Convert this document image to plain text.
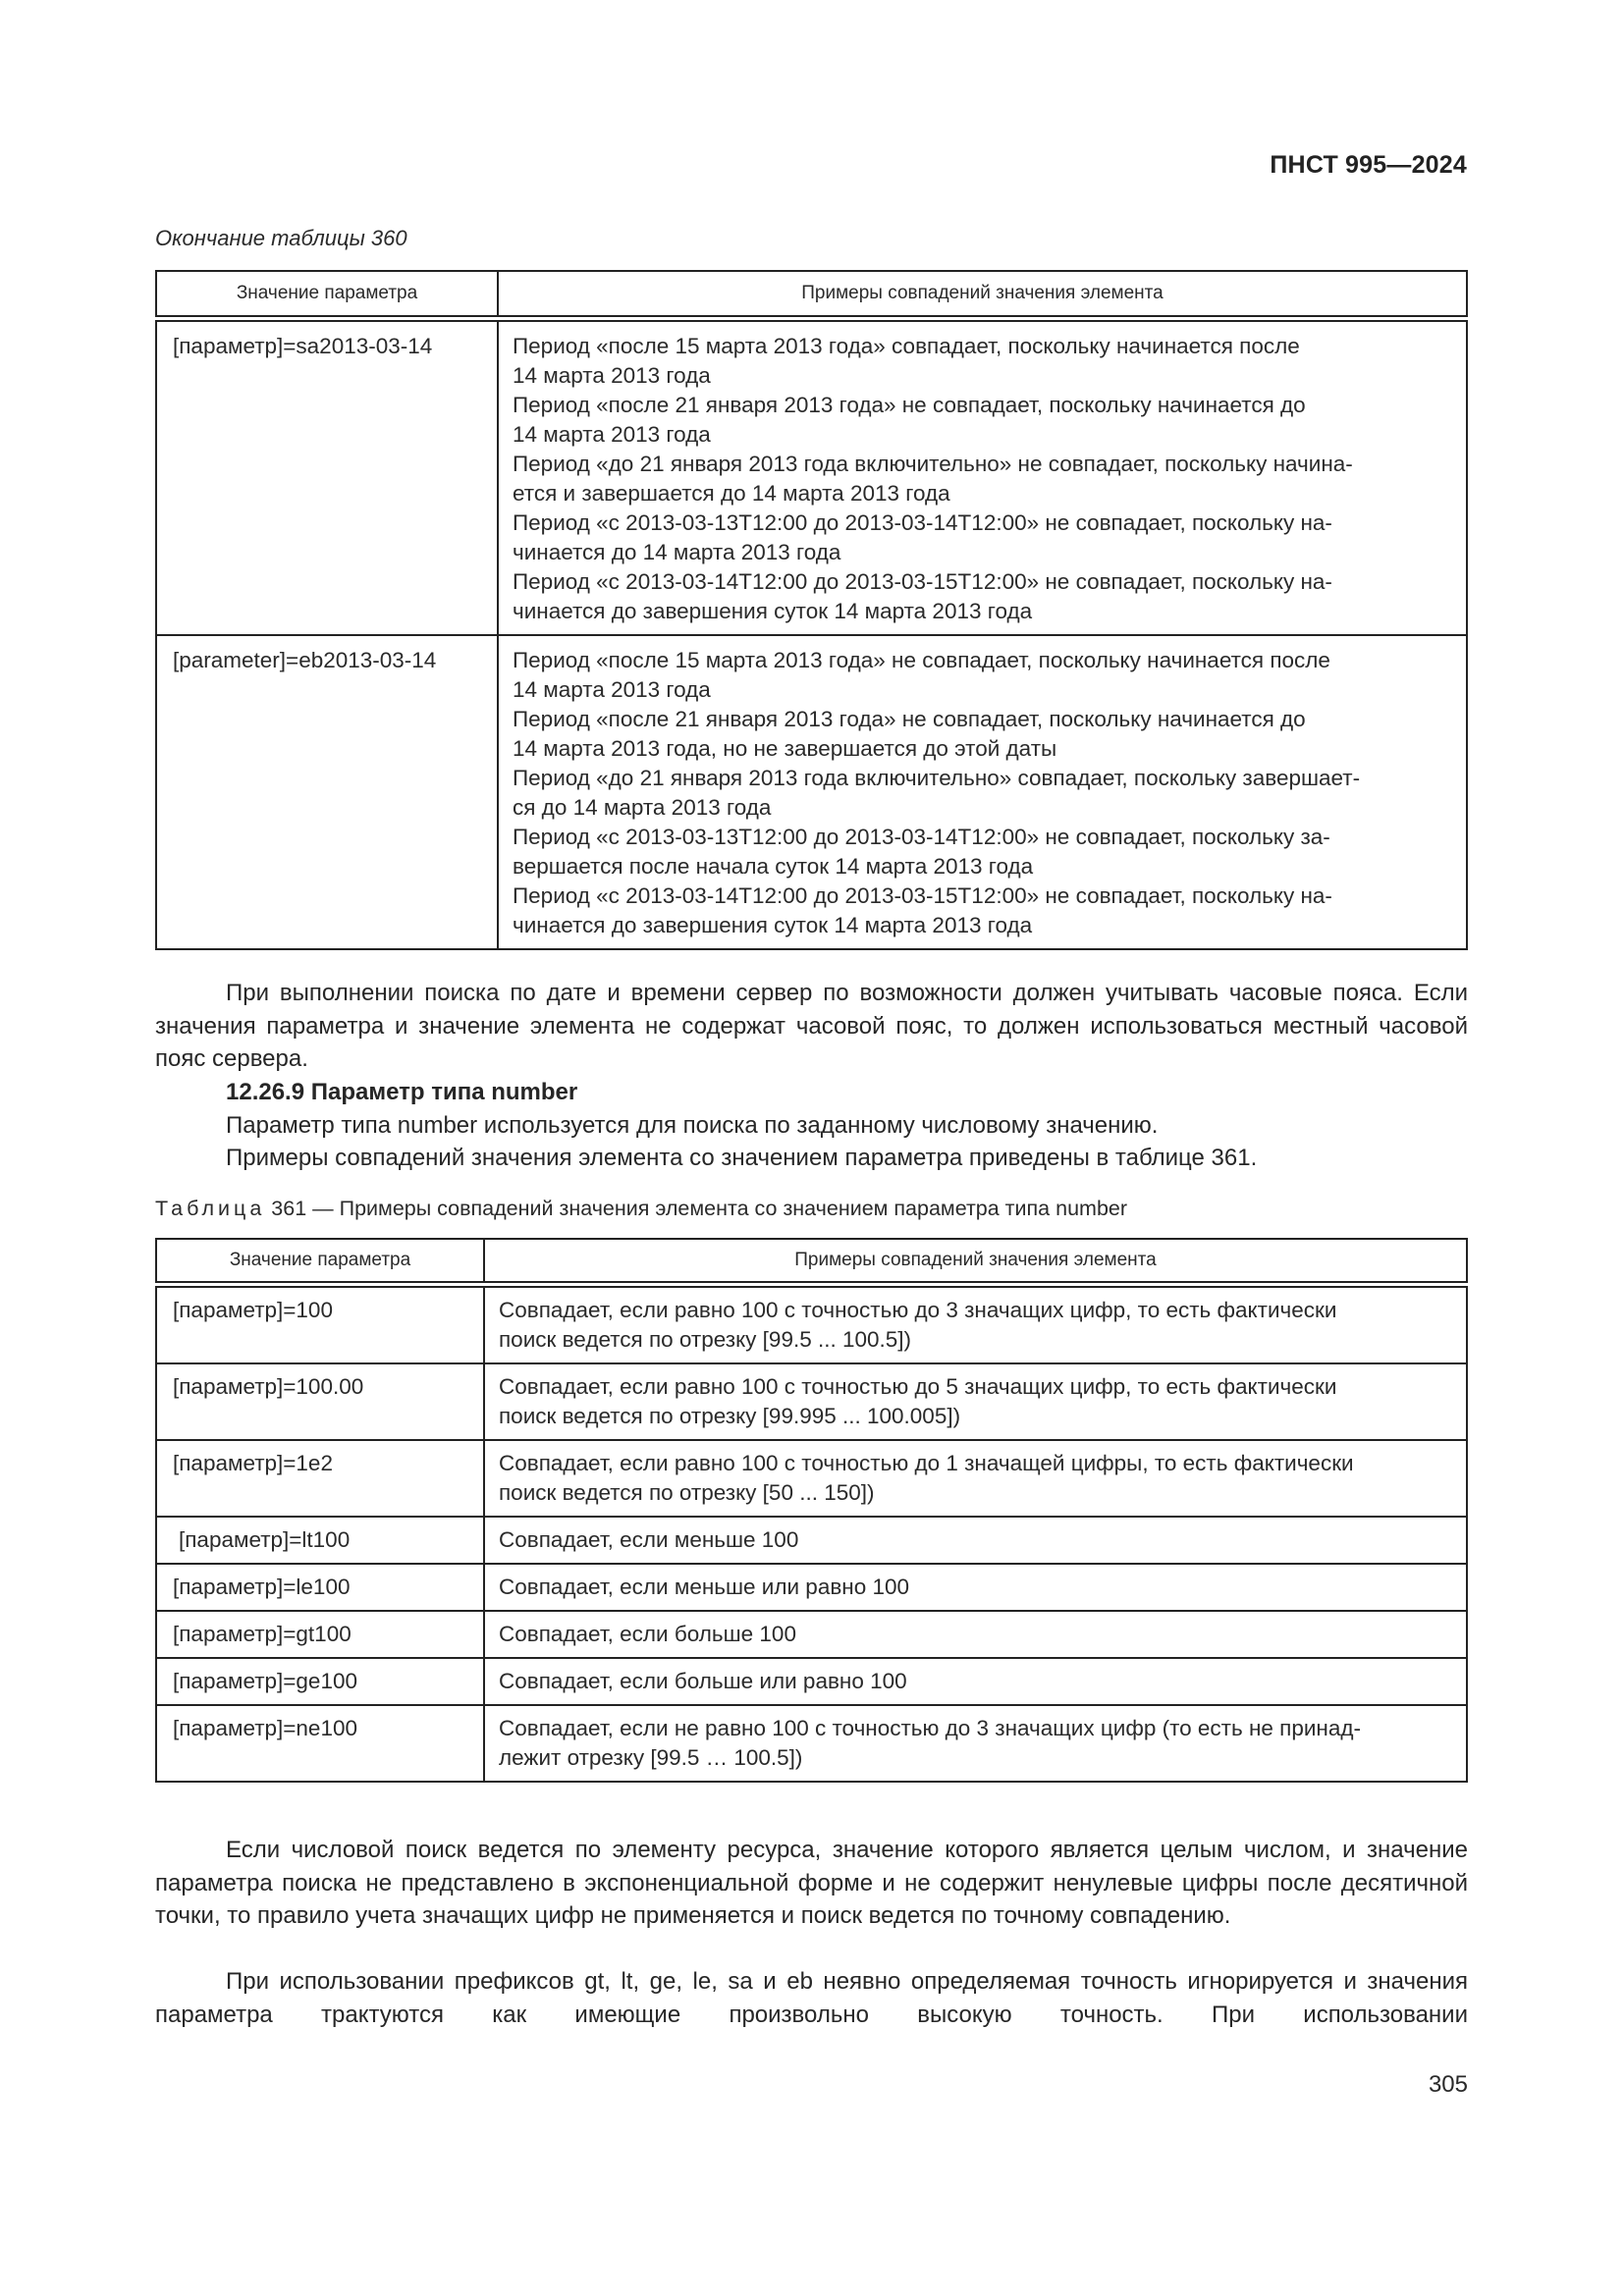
ПНСТ 995—2024
Окончание таблицы 360
Значение параметра	Примеры совпадений значения элемента

[параметр]=sa2013-03-14	Период «после 15 марта 2013 года» совпадает, поскольку начинается после
14 марта 2013 года
Период «после 21 января 2013 года» не совпадает, поскольку начинается до
14 марта 2013 года
Период «до 21 января 2013 года включительно» не совпадает, поскольку начина-
ется и завершается до 14 марта 2013 года
Период «с 2013-03-13T12:00 до 2013-03-14T12:00» не совпадает, поскольку на-
чинается до 14 марта 2013 года
Период «с 2013-03-14T12:00 до 2013-03-15T12:00» не совпадает, поскольку на-
чинается до завершения суток 14 марта 2013 года

[parameter]=eb2013-03-14	Период «после 15 марта 2013 года» не совпадает, поскольку начинается после
14 марта 2013 года
Период «после 21 января 2013 года» не совпадает, поскольку начинается до
14 марта 2013 года, но не завершается до этой даты
Период «до 21 января 2013 года включительно» совпадает, поскольку завершает-
ся до 14 марта 2013 года
Период «с 2013-03-13T12:00 до 2013-03-14T12:00» не совпадает, поскольку за-
вершается после начала суток 14 марта 2013 года
Период «с 2013-03-14T12:00 до 2013-03-15T12:00» не совпадает, поскольку на-
чинается до завершения суток 14 марта 2013 года
При выполнении поиска по дате и времени сервер по возможности должен учитывать часовые пояса. Если значения параметра и значение элемента не содержат часовой пояс, то должен использоваться местный часовой пояс сервера.
12.26.9 Параметр типа number
Параметр типа number используется для поиска по заданному числовому значению.
Примеры совпадений значения элемента со значением параметра приведены в таблице 361.
Таблица 361 — Примеры совпадений значения элемента со значением параметра типа number
Значение параметра	Примеры совпадений значения элемента

[параметр]=100	Совпадает, если равно 100 с точностью до 3 значащих цифр, то есть фактически
поиск ведется по отрезку [99.5 ... 100.5])

[параметр]=100.00	Совпадает, если равно 100 с точностью до 5 значащих цифр, то есть фактически
поиск ведется по отрезку [99.995 ... 100.005])

[параметр]=1e2	Совпадает, если равно 100 с точностью до 1 значащей цифры, то есть фактически
поиск ведется по отрезку [50 ... 150])

[параметр]=lt100	Совпадает, если меньше 100

[параметр]=le100	Совпадает, если меньше или равно 100

[параметр]=gt100	Совпадает, если больше 100

[параметр]=ge100	Совпадает, если больше или равно 100

[параметр]=ne100	Совпадает, если не равно 100 с точностью до 3 значащих цифр (то есть не принад-
лежит отрезку [99.5 … 100.5])
Если числовой поиск ведется по элементу ресурса, значение которого является целым числом, и значение параметра поиска не представлено в экспоненциальной форме и не содержит ненулевые цифры после десятичной точки, то правило учета значащих цифр не применяется и поиск ведется по точному совпадению.
При использовании префиксов gt, lt, ge, le, sa и eb неявно определяемая точность игнорируется и значения параметра трактуются как имеющие произвольно высокую точность. При использовании
305
